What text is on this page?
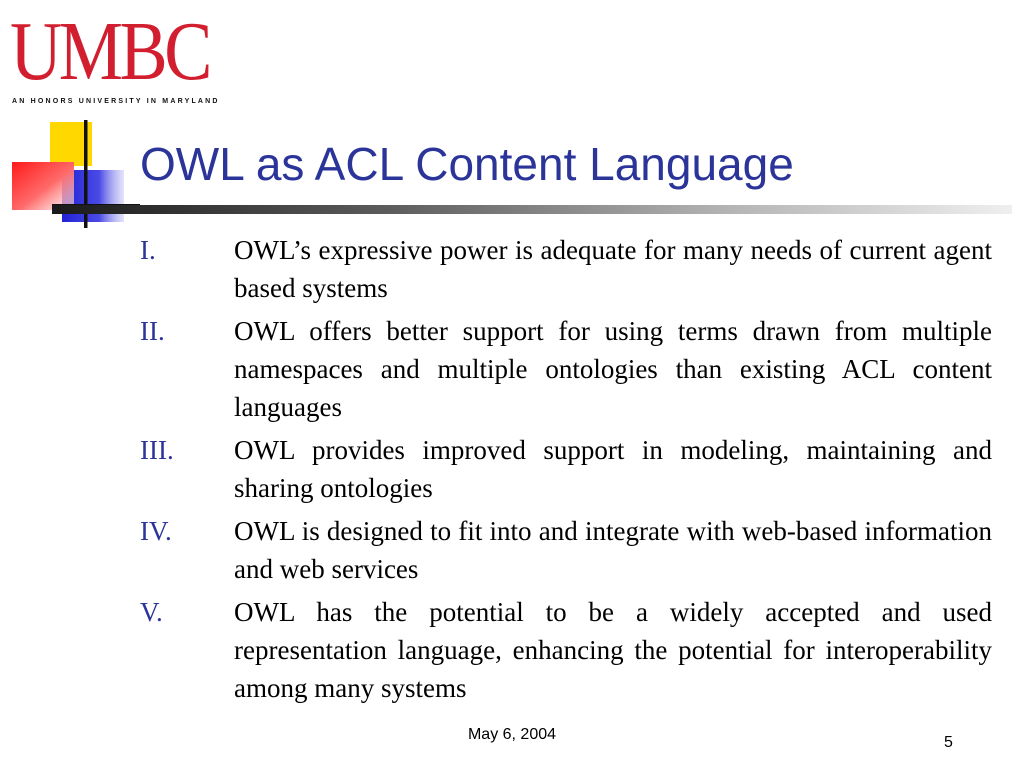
UMBC
AN HONORS UNIVERSITY IN MARYLAND
OWL as ACL Content Language
I.	OWL’s expressive power is adequate for many needs of current agent based systems
II.	OWL offers better support for using terms drawn from multiple namespaces and multiple ontologies than existing ACL content languages
III.	OWL provides improved support in modeling, maintaining and sharing ontologies
IV.	OWL is designed to fit into and integrate with web-based information and web services
V.	OWL has the potential to be a widely accepted and used representation language, enhancing the potential for interoperability among many systems
May 6, 2004	5
